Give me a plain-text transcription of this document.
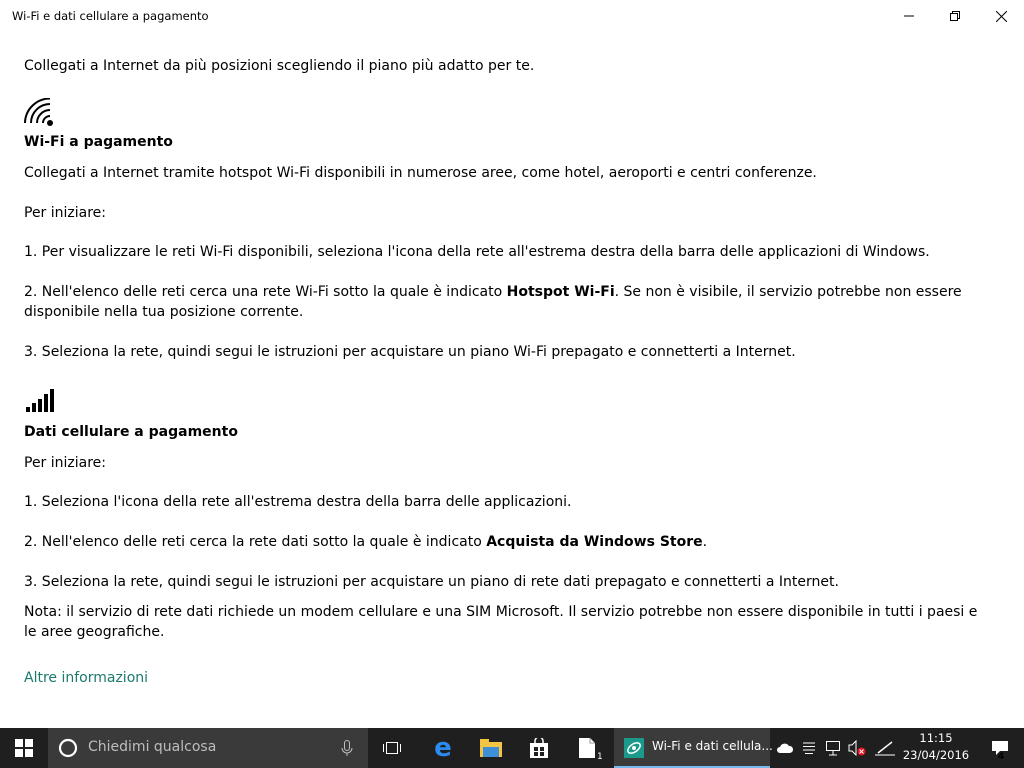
Wi-Fi e dati cellulare a pagamento

Collegati a Internet da più posizioni scegliendo il piano più adatto per te.

Wi-Fi a pagamento

Collegati a Internet tramite hotspot Wi-Fi disponibili in numerose aree, come hotel, aeroporti e centri conferenze.

Per iniziare:

1. Per visualizzare le reti Wi-Fi disponibili, seleziona l'icona della rete all'estrema destra della barra delle applicazioni di Windows.

2. Nell'elenco delle reti cerca una rete Wi-Fi sotto la quale è indicato Hotspot Wi-Fi. Se non è visibile, il servizio potrebbe non essere disponibile nella tua posizione corrente.

3. Seleziona la rete, quindi segui le istruzioni per acquistare un piano Wi-Fi prepagato e connetterti a Internet.

Dati cellulare a pagamento

Per iniziare:

1. Seleziona l'icona della rete all'estrema destra della barra delle applicazioni.

2. Nell'elenco delle reti cerca la rete dati sotto la quale è indicato Acquista da Windows Store.

3. Seleziona la rete, quindi segui le istruzioni per acquistare un piano di rete dati prepagato e connetterti a Internet.

Nota: il servizio di rete dati richiede un modem cellulare e una SIM Microsoft. Il servizio potrebbe non essere disponibile in tutti i paesi e le aree geografiche.

Altre informazioni

Chiedimi qualcosa	e	1
Wi-Fi e dati cellula...
11:15
23/04/2016	4
